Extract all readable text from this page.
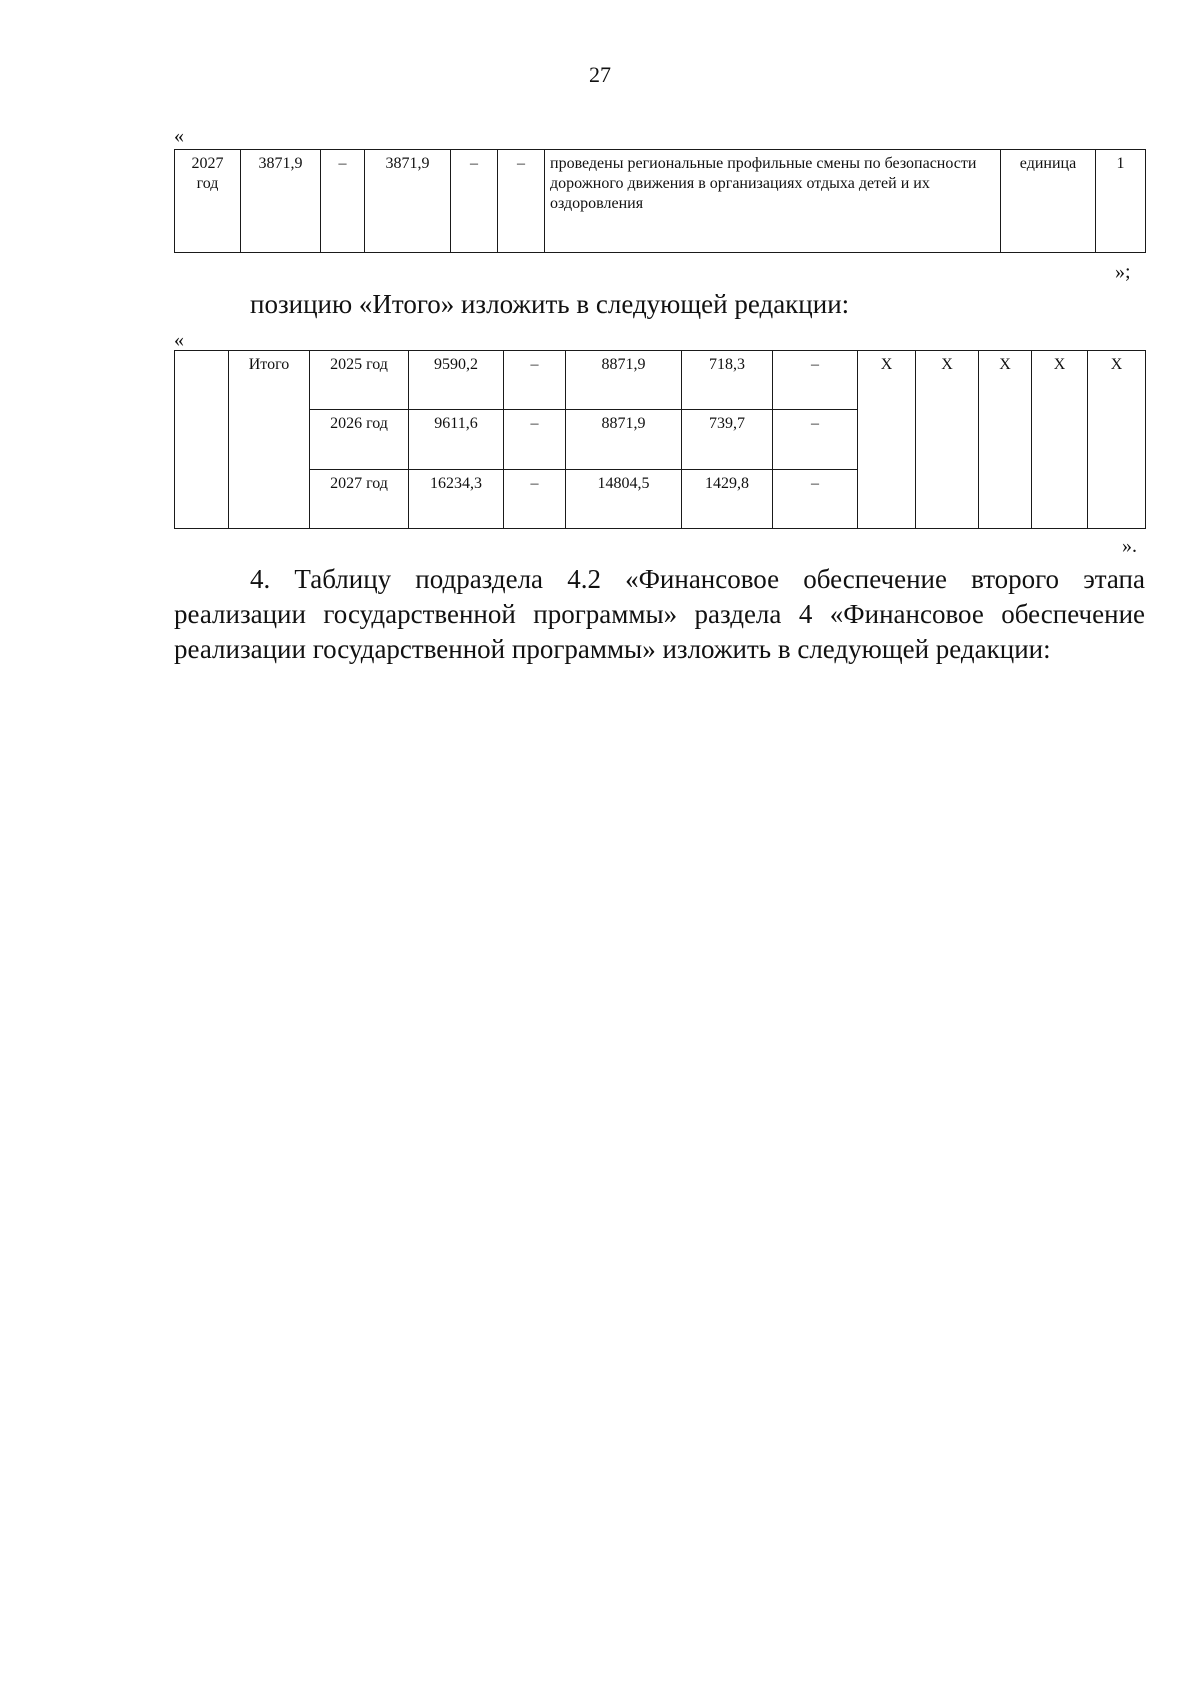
27
«
2027 год	3871,9	–	3871,9	–	–	проведены региональные профильные смены по безопасности дорожного движения в организациях отдыха детей и их оздоровления	единица	1
»;
позицию «Итого» изложить в следующей редакции:
«
	Итого	2025 год	9590,2	–	8871,9	718,3	–	Х	Х	Х	Х	Х
		2026 год	9611,6	–	8871,9	739,7	–					
		2027 год	16234,3	–	14804,5	1429,8	–					
».
4. Таблицу подраздела 4.2 «Финансовое обеспечение второго этапа реализации государственной программы» раздела 4 «Финансовое обеспечение реализации государственной программы» изложить в следующей редакции:
